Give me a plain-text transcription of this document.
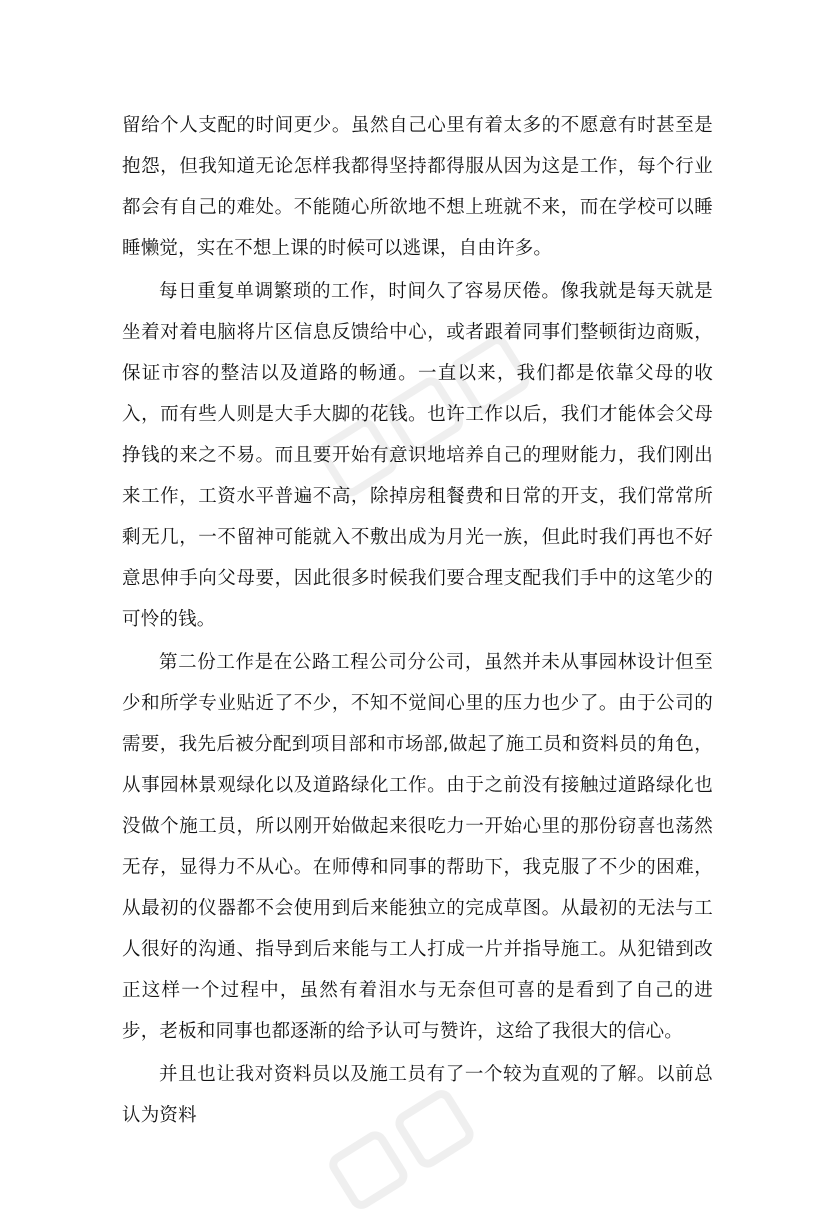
留给个人支配的时间更少。虽然自己心里有着太多的不愿意有时甚至是抱怨，但我知道无论怎样我都得坚持都得服从因为这是工作，每个行业都会有自己的难处。不能随心所欲地不想上班就不来，而在学校可以睡睡懒觉，实在不想上课的时候可以逃课，自由许多。

每日重复单调繁琐的工作，时间久了容易厌倦。像我就是每天就是坐着对着电脑将片区信息反馈给中心，或者跟着同事们整顿街边商贩，保证市容的整洁以及道路的畅通。一直以来，我们都是依靠父母的收入，而有些人则是大手大脚的花钱。也许工作以后，我们才能体会父母挣钱的来之不易。而且要开始有意识地培养自己的理财能力，我们刚出来工作，工资水平普遍不高，除掉房租餐费和日常的开支，我们常常所剩无几，一不留神可能就入不敷出成为月光一族，但此时我们再也不好意思伸手向父母要，因此很多时候我们要合理支配我们手中的这笔少的可怜的钱。

第二份工作是在公路工程公司分公司，虽然并未从事园林设计但至少和所学专业贴近了不少，不知不觉间心里的压力也少了。由于公司的需要，我先后被分配到项目部和市场部,做起了施工员和资料员的角色，从事园林景观绿化以及道路绿化工作。由于之前没有接触过道路绿化也没做个施工员，所以刚开始做起来很吃力一开始心里的那份窃喜也荡然无存，显得力不从心。在师傅和同事的帮助下，我克服了不少的困难，从最初的仪器都不会使用到后来能独立的完成草图。从最初的无法与工人很好的沟通、指导到后来能与工人打成一片并指导施工。从犯错到改正这样一个过程中，虽然有着泪水与无奈但可喜的是看到了自己的进步，老板和同事也都逐渐的给予认可与赞许，这给了我很大的信心。

并且也让我对资料员以及施工员有了一个较为直观的了解。以前总认为资料
